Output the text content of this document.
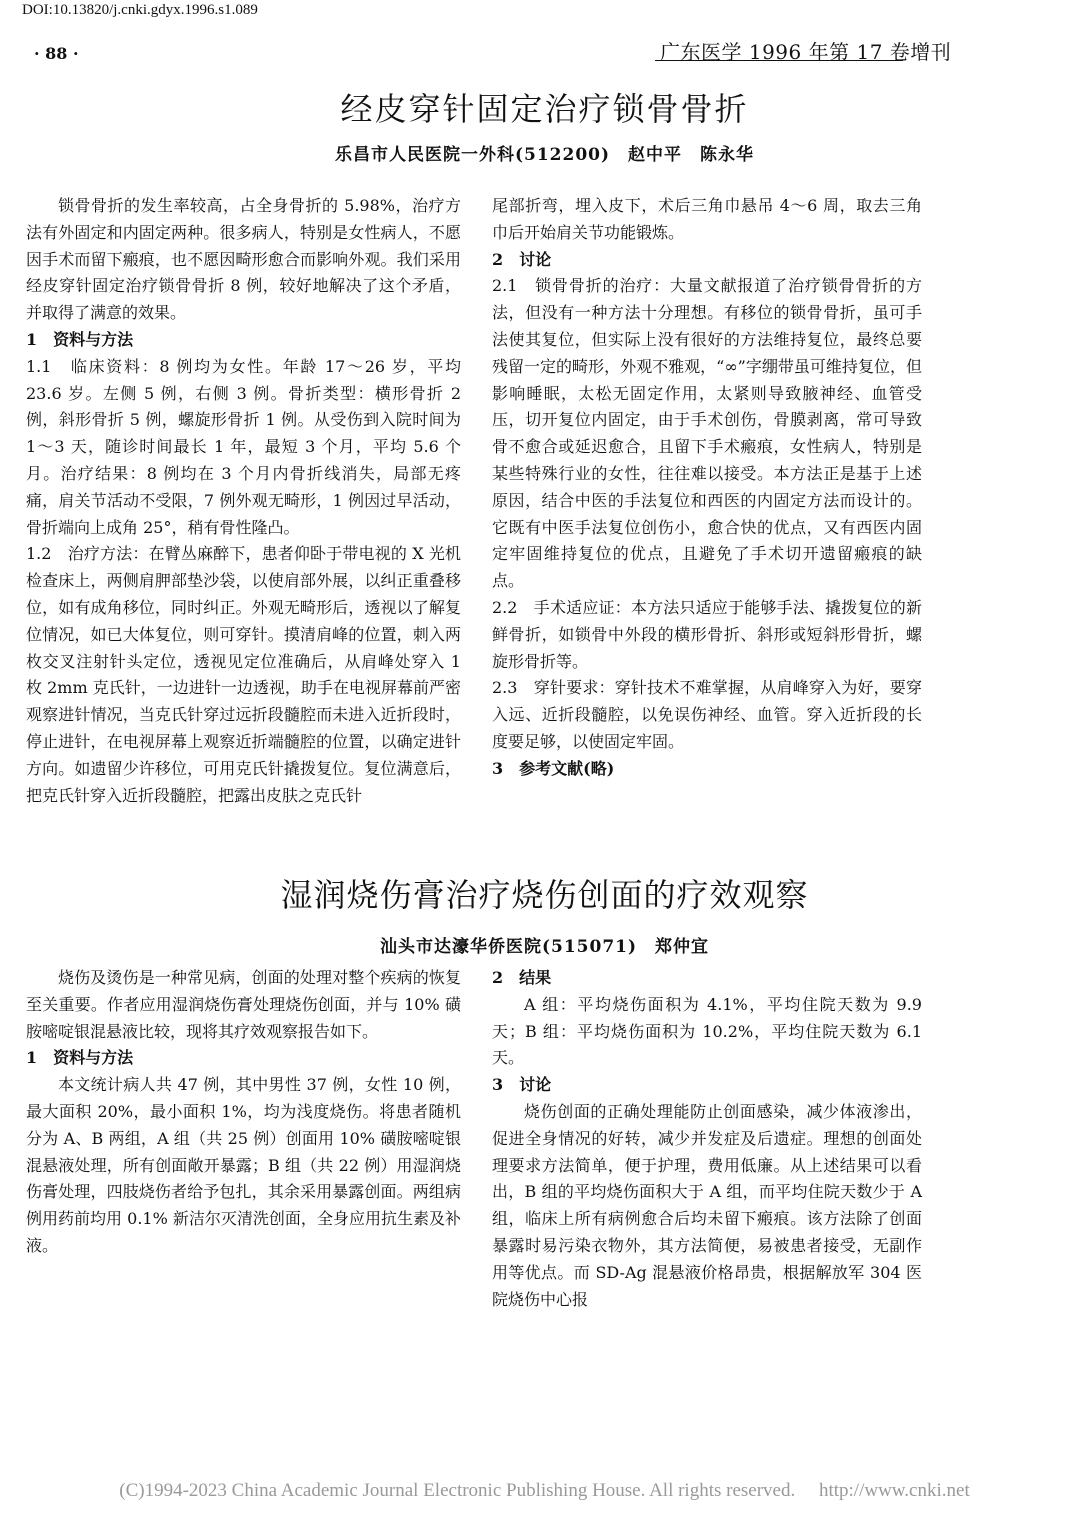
DOI:10.13820/j.cnki.gdyx.1996.s1.089
· 88 ·	广东医学 1996 年第 17 卷增刊
经皮穿针固定治疗锁骨骨折
乐昌市人民医院一外科(512200)　赵中平　陈永华

锁骨骨折的发生率较高，占全身骨折的 5.98%，治疗方法有外固定和内固定两种。很多病人，特别是女性病人，不愿因手术而留下瘢痕，也不愿因畸形愈合而影响外观。我们采用经皮穿针固定治疗锁骨骨折 8 例，较好地解决了这个矛盾，并取得了满意的效果。

1　资料与方法

1.1　临床资料：8 例均为女性。年龄 17～26 岁，平均 23.6 岁。左侧 5 例，右侧 3 例。骨折类型：横形骨折 2 例，斜形骨折 5 例，螺旋形骨折 1 例。从受伤到入院时间为 1～3 天，随诊时间最长 1 年，最短 3 个月，平均 5.6 个月。治疗结果：8 例均在 3 个月内骨折线消失，局部无疼痛，肩关节活动不受限，7 例外观无畸形，1 例因过早活动，骨折端向上成角 25°，稍有骨性隆凸。

1.2　治疗方法：在臂丛麻醉下，患者仰卧于带电视的 X 光机检查床上，两侧肩胛部垫沙袋，以使肩部外展，以纠正重叠移位，如有成角移位，同时纠正。外观无畸形后，透视以了解复位情况，如已大体复位，则可穿针。摸清肩峰的位置，刺入两枚交叉注射针头定位，透视见定位准确后，从肩峰处穿入 1 枚 2mm 克氏针，一边进针一边透视，助手在电视屏幕前严密观察进针情况，当克氏针穿过远折段髓腔而未进入近折段时，停止进针，在电视屏幕上观察近折端髓腔的位置，以确定进针方向。如遗留少许移位，可用克氏针撬拨复位。复位满意后，把克氏针穿入近折段髓腔，把露出皮肤之克氏针

尾部折弯，埋入皮下，术后三角巾悬吊 4～6 周，取去三角巾后开始肩关节功能锻炼。

2　讨论

2.1　锁骨骨折的治疗：大量文献报道了治疗锁骨骨折的方法，但没有一种方法十分理想。有移位的锁骨骨折，虽可手法使其复位，但实际上没有很好的方法维持复位，最终总要残留一定的畸形，外观不雅观，“∞”字绷带虽可维持复位，但影响睡眠，太松无固定作用，太紧则导致腋神经、血管受压，切开复位内固定，由于手术创伤，骨膜剥离，常可导致骨不愈合或延迟愈合，且留下手术瘢痕，女性病人，特别是某些特殊行业的女性，往往难以接受。本方法正是基于上述原因，结合中医的手法复位和西医的内固定方法而设计的。它既有中医手法复位创伤小，愈合快的优点，又有西医内固定牢固维持复位的优点，且避免了手术切开遗留瘢痕的缺点。

2.2　手术适应证：本方法只适应于能够手法、撬拨复位的新鲜骨折，如锁骨中外段的横形骨折、斜形或短斜形骨折，螺旋形骨折等。

2.3　穿针要求：穿针技术不难掌握，从肩峰穿入为好，要穿入远、近折段髓腔，以免误伤神经、血管。穿入近折段的长度要足够，以使固定牢固。

3　参考文献(略)

湿润烧伤膏治疗烧伤创面的疗效观察
汕头市达濠华侨医院(515071)　郑仲宜

烧伤及烫伤是一种常见病，创面的处理对整个疾病的恢复至关重要。作者应用湿润烧伤膏处理烧伤创面，并与 10% 磺胺嘧啶银混悬液比较，现将其疗效观察报告如下。

1　资料与方法

本文统计病人共 47 例，其中男性 37 例，女性 10 例，最大面积 20%，最小面积 1%，均为浅度烧伤。将患者随机分为 A、B 两组，A 组（共 25 例）创面用 10% 磺胺嘧啶银混悬液处理，所有创面敞开暴露；B 组（共 22 例）用湿润烧伤膏处理，四肢烧伤者给予包扎，其余采用暴露创面。两组病例用药前均用 0.1% 新洁尔灭清洗创面，全身应用抗生素及补液。

2　结果

A 组：平均烧伤面积为 4.1%，平均住院天数为 9.9 天；B 组：平均烧伤面积为 10.2%，平均住院天数为 6.1 天。

3　讨论

烧伤创面的正确处理能防止创面感染，减少体液渗出，促进全身情况的好转，减少并发症及后遗症。理想的创面处理要求方法简单，便于护理，费用低廉。从上述结果可以看出，B 组的平均烧伤面积大于 A 组，而平均住院天数少于 A 组，临床上所有病例愈合后均未留下瘢痕。该方法除了创面暴露时易污染衣物外，其方法简便，易被患者接受，无副作用等优点。而 SD-Ag 混悬液价格昂贵，根据解放军 304 医院烧伤中心报

(C)1994-2023 China Academic Journal Electronic Publishing House. All rights reserved.　 http://www.cnki.net
